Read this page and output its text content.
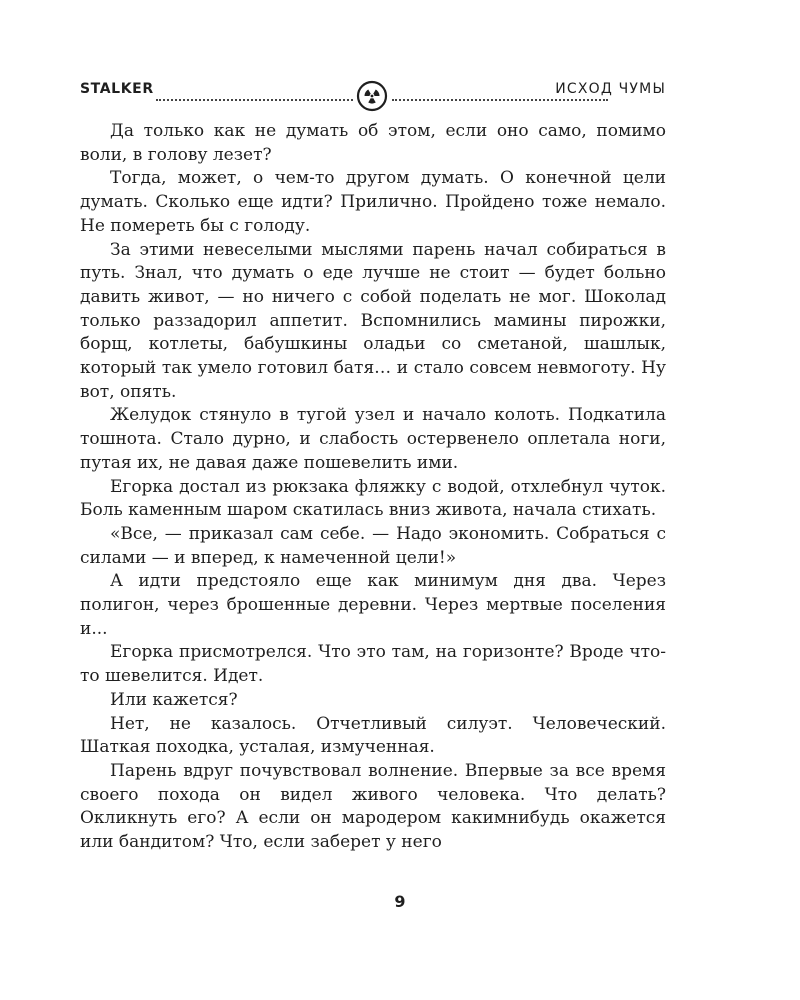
STALKER	ИСХОД ЧУМЫ

Да только как не думать об этом, если оно само, помимо воли, в голову лезет?

Тогда, может, о чем-то другом думать. О конечной цели думать. Сколько еще идти? Прилично. Пройдено тоже немало. Не помереть бы с голоду.

За этими невеселыми мыслями парень начал собираться в путь. Знал, что думать о еде лучше не стоит — будет больно давить живот, — но ничего с собой поделать не мог. Шоколад только раззадорил аппетит. Вспомнились мамины пирожки, борщ, котлеты, бабушкины оладьи со сметаной, шашлык, который так умело готовил батя… и стало совсем невмоготу. Ну вот, опять.

Желудок стянуло в тугой узел и начало колоть. Подкатила тошнота. Стало дурно, и слабость остервенело оплетала ноги, путая их, не давая даже пошевелить ими.

Егорка достал из рюкзака фляжку с водой, отхлебнул чуток. Боль каменным шаром скатилась вниз живота, начала стихать.

«Все, — приказал сам себе. — Надо экономить. Собраться с силами — и вперед, к намеченной цели!»

А идти предстояло еще как минимум дня два. Через полигон, через брошенные деревни. Через мертвые поселения и...

Егорка присмотрелся. Что это там, на горизонте? Вроде что-то шевелится. Идет.

Или кажется?

Нет, не казалось. Отчетливый силуэт. Человеческий. Шаткая походка, усталая, измученная.

Парень вдруг почувствовал волнение. Впервые за все время своего похода он видел живого человека. Что делать? Окликнуть его? А если он мародером какимнибудь окажется или бандитом? Что, если заберет у него

9
